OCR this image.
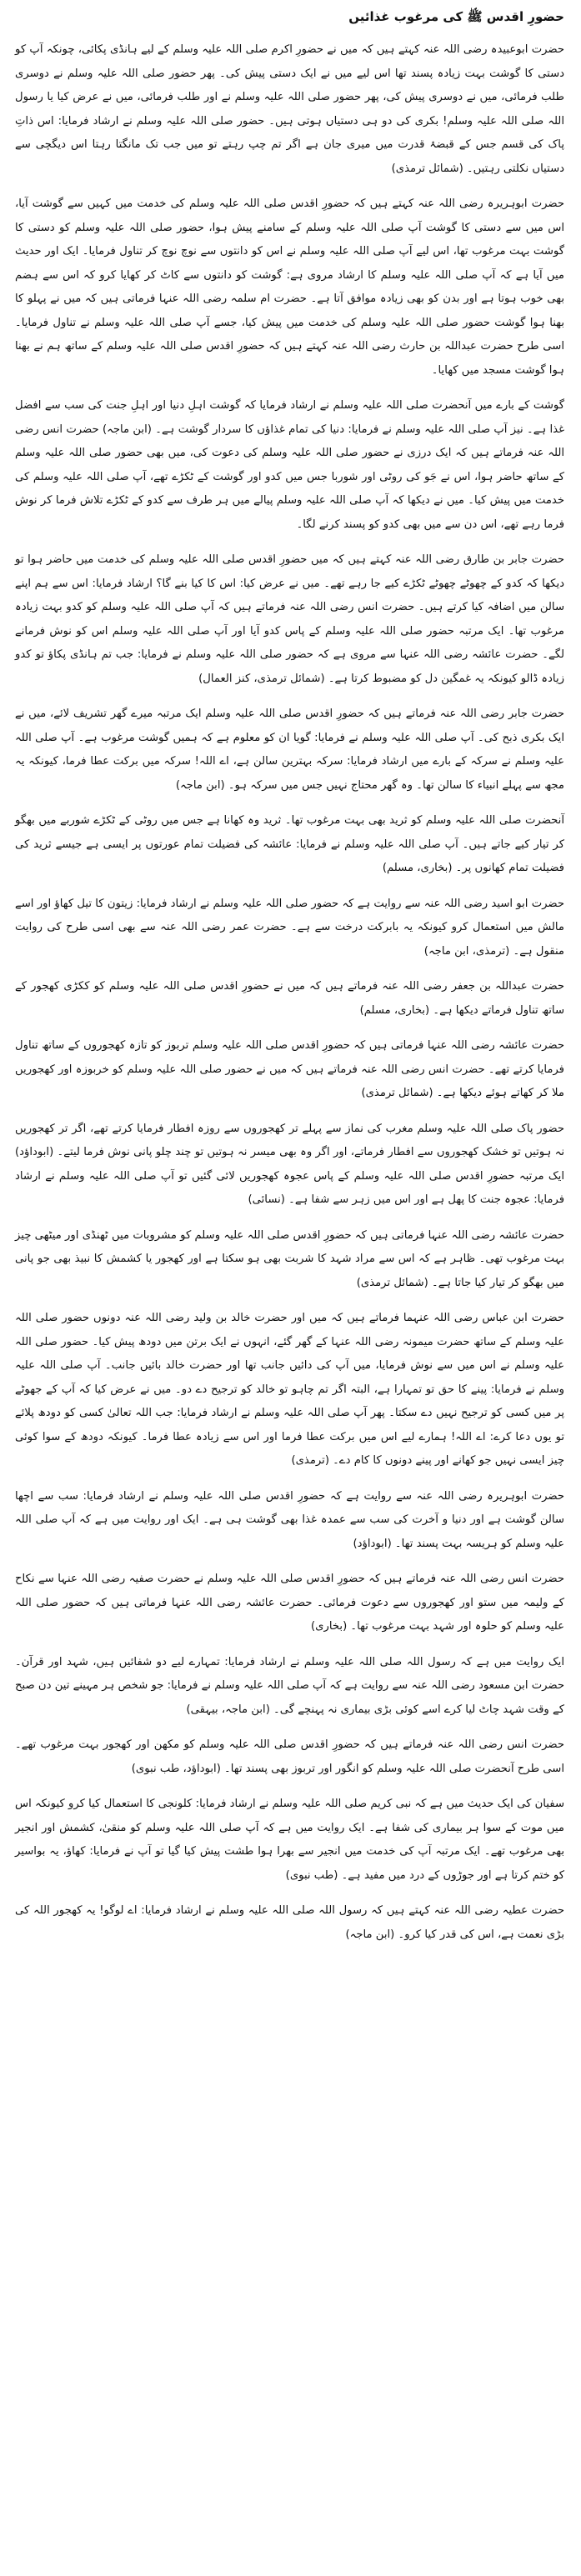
حضورِ اقدس ﷺ کی مرغوب غذائیں

حضرت ابوعبیدہ رضی اللہ عنہ کہتے ہیں کہ میں نے حضورِ اکرم صلی اللہ علیہ وسلم کے لیے ہانڈی پکائی، چونکہ آپ کو دستی کا گوشت بہت زیادہ پسند تھا اس لیے میں نے ایک دستی پیش کی۔ پھر حضور صلی اللہ علیہ وسلم نے دوسری طلب فرمائی، میں نے دوسری پیش کی، پھر حضور صلی اللہ علیہ وسلم نے اور طلب فرمائی، میں نے عرض کیا یا رسول اللہ صلی اللہ علیہ وسلم! بکری کی دو ہی دستیاں ہوتی ہیں۔ حضور صلی اللہ علیہ وسلم نے ارشاد فرمایا: اس ذاتِ پاک کی قسم جس کے قبضۂ قدرت میں میری جان ہے اگر تم چپ رہتے تو میں جب تک مانگتا رہتا اس دیگچی سے دستیاں نکلتی رہتیں۔ (شمائل ترمذی)

حضرت ابوہریرہ رضی اللہ عنہ کہتے ہیں کہ حضورِ اقدس صلی اللہ علیہ وسلم کی خدمت میں کہیں سے گوشت آیا، اس میں سے دستی کا گوشت آپ صلی اللہ علیہ وسلم کے سامنے پیش ہوا، حضور صلی اللہ علیہ وسلم کو دستی کا گوشت بہت مرغوب تھا، اس لیے آپ صلی اللہ علیہ وسلم نے اس کو دانتوں سے نوچ نوچ کر تناول فرمایا۔ ایک اور حدیث میں آیا ہے کہ آپ صلی اللہ علیہ وسلم کا ارشاد مروی ہے: گوشت کو دانتوں سے کاٹ کر کھایا کرو کہ اس سے ہضم بھی خوب ہوتا ہے اور بدن کو بھی زیادہ موافق آتا ہے۔ حضرت ام سلمہ رضی اللہ عنہا فرماتی ہیں کہ میں نے پہلو کا بھنا ہوا گوشت حضور صلی اللہ علیہ وسلم کی خدمت میں پیش کیا، جسے آپ صلی اللہ علیہ وسلم نے تناول فرمایا۔ اسی طرح حضرت عبداللہ بن حارث رضی اللہ عنہ کہتے ہیں کہ حضورِ اقدس صلی اللہ علیہ وسلم کے ساتھ ہم نے بھنا ہوا گوشت مسجد میں کھایا۔

گوشت کے بارے میں آنحضرت صلی اللہ علیہ وسلم نے ارشاد فرمایا کہ گوشت اہلِ دنیا اور اہلِ جنت کی سب سے افضل غذا ہے۔ نیز آپ صلی اللہ علیہ وسلم نے فرمایا: دنیا کی تمام غذاؤں کا سردار گوشت ہے۔ (ابن ماجہ) حضرت انس رضی اللہ عنہ فرماتے ہیں کہ ایک درزی نے حضور صلی اللہ علیہ وسلم کی دعوت کی، میں بھی حضور صلی اللہ علیہ وسلم کے ساتھ حاضر ہوا، اس نے جَو کی روٹی اور شوربا جس میں کدو اور گوشت کے ٹکڑے تھے، آپ صلی اللہ علیہ وسلم کی خدمت میں پیش کیا۔ میں نے دیکھا کہ آپ صلی اللہ علیہ وسلم پیالے میں ہر طرف سے کدو کے ٹکڑے تلاش فرما کر نوش فرما رہے تھے، اس دن سے میں بھی کدو کو پسند کرنے لگا۔

حضرت جابر بن طارق رضی اللہ عنہ کہتے ہیں کہ میں حضورِ اقدس صلی اللہ علیہ وسلم کی خدمت میں حاضر ہوا تو دیکھا کہ کدو کے چھوٹے چھوٹے ٹکڑے کیے جا رہے تھے۔ میں نے عرض کیا: اس کا کیا بنے گا؟ ارشاد فرمایا: اس سے ہم اپنے سالن میں اضافہ کیا کرتے ہیں۔ حضرت انس رضی اللہ عنہ فرماتے ہیں کہ آپ صلی اللہ علیہ وسلم کو کدو بہت زیادہ مرغوب تھا۔ ایک مرتبہ حضور صلی اللہ علیہ وسلم کے پاس کدو آیا اور آپ صلی اللہ علیہ وسلم اس کو نوش فرمانے لگے۔ حضرت عائشہ رضی اللہ عنہا سے مروی ہے کہ حضور صلی اللہ علیہ وسلم نے فرمایا: جب تم ہانڈی پکاؤ تو کدو زیادہ ڈالو کیونکہ یہ غمگین دل کو مضبوط کرتا ہے۔ (شمائل ترمذی، کنز العمال)

حضرت جابر رضی اللہ عنہ فرماتے ہیں کہ حضورِ اقدس صلی اللہ علیہ وسلم ایک مرتبہ میرے گھر تشریف لائے، میں نے ایک بکری ذبح کی۔ آپ صلی اللہ علیہ وسلم نے فرمایا: گویا ان کو معلوم ہے کہ ہمیں گوشت مرغوب ہے۔ آپ صلی اللہ علیہ وسلم نے سرکہ کے بارے میں ارشاد فرمایا: سرکہ بہترین سالن ہے، اے اللہ! سرکہ میں برکت عطا فرما، کیونکہ یہ مجھ سے پہلے انبیاء کا سالن تھا۔ وہ گھر محتاج نہیں جس میں سرکہ ہو۔ (ابن ماجہ)

آنحضرت صلی اللہ علیہ وسلم کو ثرید بھی بہت مرغوب تھا۔ ثرید وہ کھانا ہے جس میں روٹی کے ٹکڑے شوربے میں بھگو کر تیار کیے جاتے ہیں۔ آپ صلی اللہ علیہ وسلم نے فرمایا: عائشہ کی فضیلت تمام عورتوں پر ایسی ہے جیسے ثرید کی فضیلت تمام کھانوں پر۔ (بخاری، مسلم)

حضرت ابو اسید رضی اللہ عنہ سے روایت ہے کہ حضور صلی اللہ علیہ وسلم نے ارشاد فرمایا: زیتون کا تیل کھاؤ اور اسے مالش میں استعمال کرو کیونکہ یہ بابرکت درخت سے ہے۔ حضرت عمر رضی اللہ عنہ سے بھی اسی طرح کی روایت منقول ہے۔ (ترمذی، ابن ماجہ)

حضرت عبداللہ بن جعفر رضی اللہ عنہ فرماتے ہیں کہ میں نے حضورِ اقدس صلی اللہ علیہ وسلم کو ککڑی کھجور کے ساتھ تناول فرماتے دیکھا ہے۔ (بخاری، مسلم)

حضرت عائشہ رضی اللہ عنہا فرماتی ہیں کہ حضورِ اقدس صلی اللہ علیہ وسلم تربوز کو تازہ کھجوروں کے ساتھ تناول فرمایا کرتے تھے۔ حضرت انس رضی اللہ عنہ فرماتے ہیں کہ میں نے حضور صلی اللہ علیہ وسلم کو خربوزہ اور کھجوریں ملا کر کھاتے ہوئے دیکھا ہے۔ (شمائل ترمذی)

حضور پاک صلی اللہ علیہ وسلم مغرب کی نماز سے پہلے تر کھجوروں سے روزہ افطار فرمایا کرتے تھے، اگر تر کھجوریں نہ ہوتیں تو خشک کھجوروں سے افطار فرماتے، اور اگر وہ بھی میسر نہ ہوتیں تو چند چلو پانی نوش فرما لیتے۔ (ابوداؤد) ایک مرتبہ حضورِ اقدس صلی اللہ علیہ وسلم کے پاس عجوہ کھجوریں لائی گئیں تو آپ صلی اللہ علیہ وسلم نے ارشاد فرمایا: عجوہ جنت کا پھل ہے اور اس میں زہر سے شفا ہے۔ (نسائی)

حضرت عائشہ رضی اللہ عنہا فرماتی ہیں کہ حضورِ اقدس صلی اللہ علیہ وسلم کو مشروبات میں ٹھنڈی اور میٹھی چیز بہت مرغوب تھی۔ ظاہر ہے کہ اس سے مراد شہد کا شربت بھی ہو سکتا ہے اور کھجور یا کشمش کا نبیذ بھی جو پانی میں بھگو کر تیار کیا جاتا ہے۔ (شمائل ترمذی)

حضرت ابن عباس رضی اللہ عنہما فرماتے ہیں کہ میں اور حضرت خالد بن ولید رضی اللہ عنہ دونوں حضور صلی اللہ علیہ وسلم کے ساتھ حضرت میمونہ رضی اللہ عنہا کے گھر گئے، انہوں نے ایک برتن میں دودھ پیش کیا۔ حضور صلی اللہ علیہ وسلم نے اس میں سے نوش فرمایا، میں آپ کی دائیں جانب تھا اور حضرت خالد بائیں جانب۔ آپ صلی اللہ علیہ وسلم نے فرمایا: پینے کا حق تو تمہارا ہے، البتہ اگر تم چاہو تو خالد کو ترجیح دے دو۔ میں نے عرض کیا کہ آپ کے جھوٹے پر میں کسی کو ترجیح نہیں دے سکتا۔ پھر آپ صلی اللہ علیہ وسلم نے ارشاد فرمایا: جب اللہ تعالیٰ کسی کو دودھ پلائے تو یوں دعا کرے: اے اللہ! ہمارے لیے اس میں برکت عطا فرما اور اس سے زیادہ عطا فرما۔ کیونکہ دودھ کے سوا کوئی چیز ایسی نہیں جو کھانے اور پینے دونوں کا کام دے۔ (ترمذی)

حضرت ابوہریرہ رضی اللہ عنہ سے روایت ہے کہ حضورِ اقدس صلی اللہ علیہ وسلم نے ارشاد فرمایا: سب سے اچھا سالن گوشت ہے اور دنیا و آخرت کی سب سے عمدہ غذا بھی گوشت ہی ہے۔ ایک اور روایت میں ہے کہ آپ صلی اللہ علیہ وسلم کو ہریسہ بہت پسند تھا۔ (ابوداؤد)

حضرت انس رضی اللہ عنہ فرماتے ہیں کہ حضورِ اقدس صلی اللہ علیہ وسلم نے حضرت صفیہ رضی اللہ عنہا سے نکاح کے ولیمہ میں ستو اور کھجوروں سے دعوت فرمائی۔ حضرت عائشہ رضی اللہ عنہا فرماتی ہیں کہ حضور صلی اللہ علیہ وسلم کو حلوہ اور شہد بہت مرغوب تھا۔ (بخاری)

ایک روایت میں ہے کہ رسول اللہ صلی اللہ علیہ وسلم نے ارشاد فرمایا: تمہارے لیے دو شفائیں ہیں، شہد اور قرآن۔ حضرت ابن مسعود رضی اللہ عنہ سے روایت ہے کہ آپ صلی اللہ علیہ وسلم نے فرمایا: جو شخص ہر مہینے تین دن صبح کے وقت شہد چاٹ لیا کرے اسے کوئی بڑی بیماری نہ پہنچے گی۔ (ابن ماجہ، بیہقی)

حضرت انس رضی اللہ عنہ فرماتے ہیں کہ حضورِ اقدس صلی اللہ علیہ وسلم کو مکھن اور کھجور بہت مرغوب تھے۔ اسی طرح آنحضرت صلی اللہ علیہ وسلم کو انگور اور تربوز بھی پسند تھا۔ (ابوداؤد، طب نبوی)

سفیان کی ایک حدیث میں ہے کہ نبی کریم صلی اللہ علیہ وسلم نے ارشاد فرمایا: کلونجی کا استعمال کیا کرو کیونکہ اس میں موت کے سوا ہر بیماری کی شفا ہے۔ ایک روایت میں ہے کہ آپ صلی اللہ علیہ وسلم کو منقیٰ، کشمش اور انجیر بھی مرغوب تھے۔ ایک مرتبہ آپ کی خدمت میں انجیر سے بھرا ہوا طشت پیش کیا گیا تو آپ نے فرمایا: کھاؤ، یہ بواسیر کو ختم کرتا ہے اور جوڑوں کے درد میں مفید ہے۔ (طب نبوی)

حضرت عطیہ رضی اللہ عنہ کہتے ہیں کہ رسول اللہ صلی اللہ علیہ وسلم نے ارشاد فرمایا: اے لوگو! یہ کھجور اللہ کی بڑی نعمت ہے، اس کی قدر کیا کرو۔ (ابن ماجہ)
